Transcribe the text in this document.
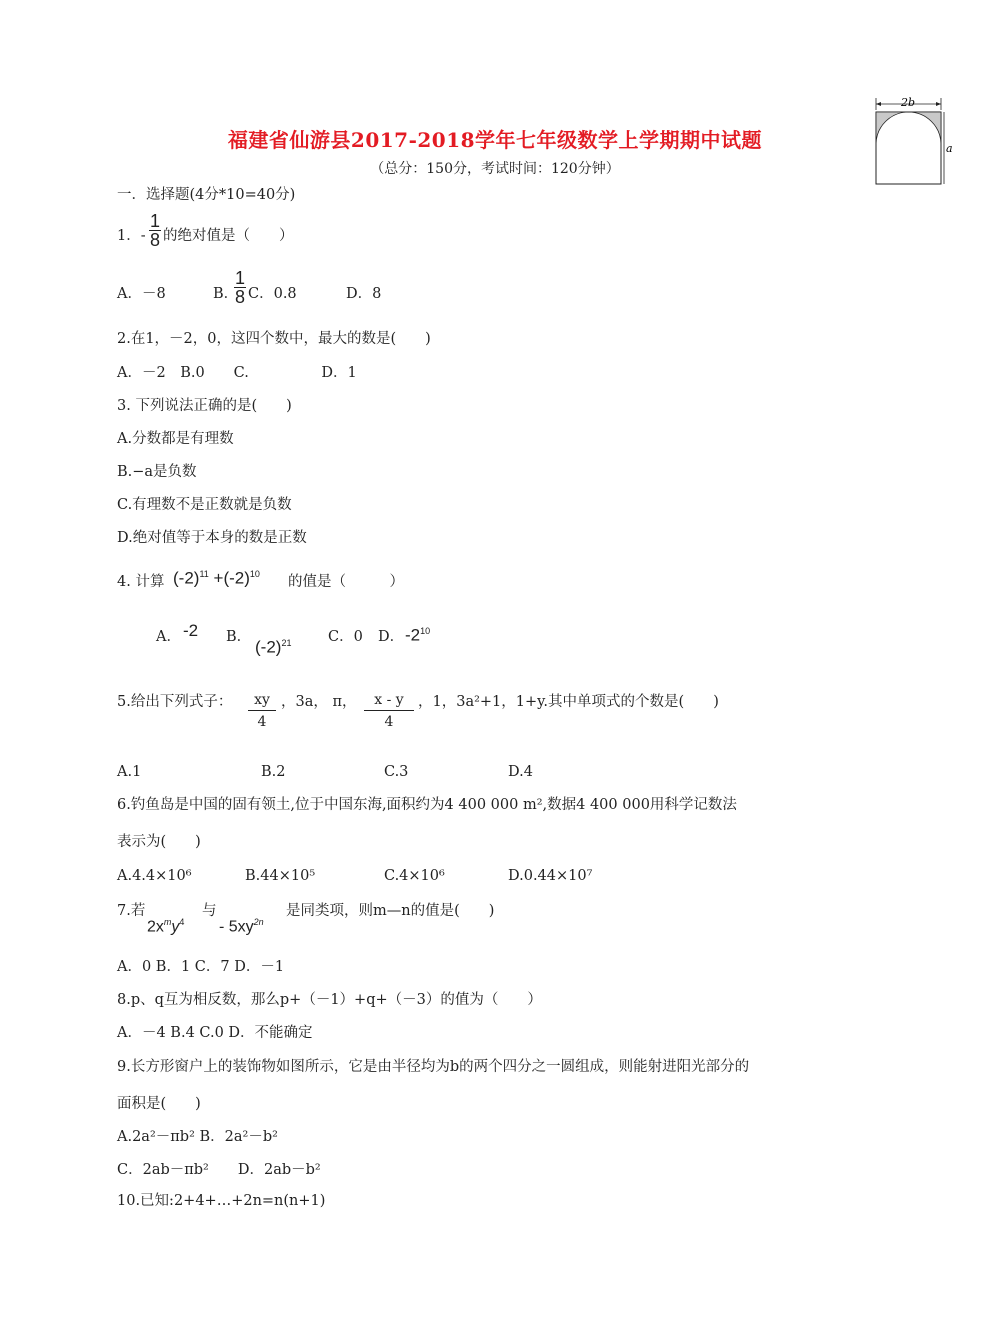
2b
a
福建省仙游县2017-2018学年七年级数学上学期期中试题
（总分：150分，考试时间：120分钟）
一．选择题(4分*10=40分)
1．-
1
8 的绝对值是（　　）
A．－8	B．
1
8 C．0.8	D．8
2.在1，－2，0，这四个数中，最大的数是(　　)
A．－2　B.0　　C.　　　　　D．1
3. 下列说法正确的是(　　)
A.分数都是有理数
B.−a是负数
C.有理数不是正数就是负数
D.绝对值等于本身的数是正数
4. 计算 $(-2)^{11} +(-2)^{10}$ 的值是（　　　）
A． -2 B．
$(-2)^{21}$	C．0 D． $-2^{10}$
5.给出下列式子： $\frac{xy}{4}$ ，3a， π， $\frac{x - y}{4}$ ，1，3a²+1，1+y.其中单项式的个数是(　　)
A.1	B.2	C.3	D.4
6.钓鱼岛是中国的固有领土,位于中国东海,面积约为4 400 000 m²,数据4 400 000用科学记数法
表示为(　　)
A.4.4×10⁶	B.44×10⁵	C.4×10⁶	D.0.44×10⁷
7.若
$2x^my^4$
与
- $5xy^{2n}$
是同类项，则m—n的值是(　　)
A．0 B．1 C．7 D．－1
8.p、q互为相反数，那么p+（－1）+q+（－3）的值为（　　）
A．－4 B.4 C.0 D．不能确定
9.长方形窗户上的装饰物如图所示，它是由半径均为b的两个四分之一圆组成，则能射进阳光部分的
面积是(　　)
A.2a²－πb² B．2a²－b²
C．2ab－πb²　　D．2ab－b²
10.已知:2+4+…+2n=n(n+1)
